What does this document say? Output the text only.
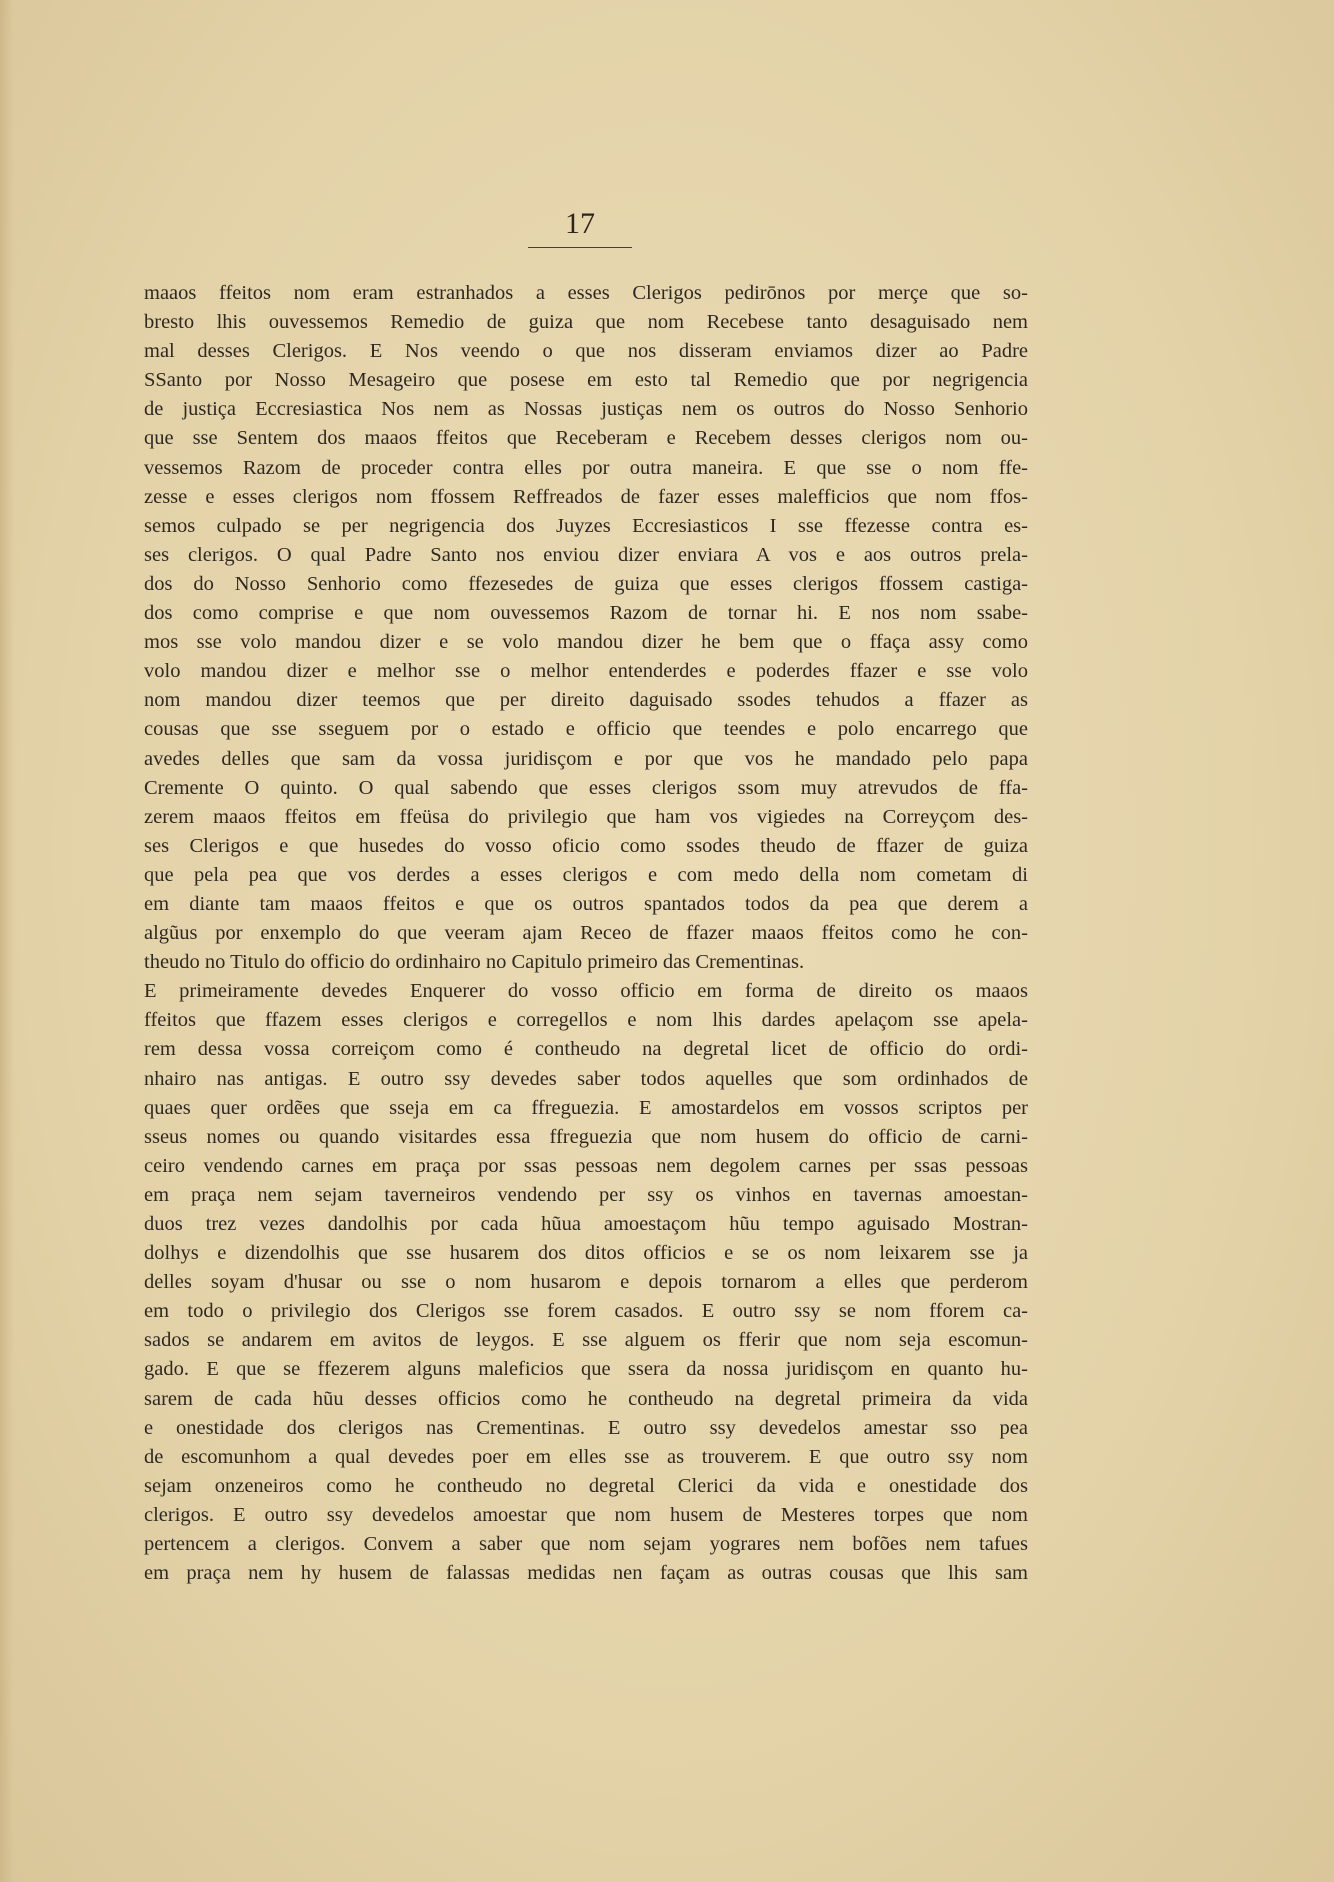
17
maaos ffeitos nom eram estranhados a esses Clerigos pedirōnos por merçe que so-
bresto lhis ouvessemos Remedio de guiza que nom Recebese tanto desaguisado nem
mal desses Clerigos. E Nos veendo o que nos disseram enviamos dizer ao Padre
SSanto por Nosso Mesageiro que posese em esto tal Remedio que por negrigencia
de justiça Eccresiastica Nos nem as Nossas justiças nem os outros do Nosso Senhorio
que sse Sentem dos maaos ffeitos que Receberam e Recebem desses clerigos nom ou-
vessemos Razom de proceder contra elles por outra maneira. E que sse o nom ffe-
zesse e esses clerigos nom ffossem Reffreados de fazer esses malefficios que nom ffos-
semos culpado se per negrigencia dos Juyzes Eccresiasticos I sse ffezesse contra es-
ses clerigos. O qual Padre Santo nos enviou dizer enviara A vos e aos outros prela-
dos do Nosso Senhorio como ffezesedes de guiza que esses clerigos ffossem castiga-
dos como comprise e que nom ouvessemos Razom de tornar hi. E nos nom ssabe-
mos sse volo mandou dizer e se volo mandou dizer he bem que o ffaça assy como
volo mandou dizer e melhor sse o melhor entenderdes e poderdes ffazer e sse volo
nom mandou dizer teemos que per direito daguisado ssodes tehudos a ffazer as
cousas que sse sseguem por o estado e officio que teendes e polo encarrego que
avedes delles que sam da vossa juridisçom e por que vos he mandado pelo papa
Cremente O quinto. O qual sabendo que esses clerigos ssom muy atrevudos de ffa-
zerem maaos ffeitos em ffeüsa do privilegio que ham vos vigiedes na Correyçom des-
ses Clerigos e que husedes do vosso oficio como ssodes theudo de ffazer de guiza
que pela pea que vos derdes a esses clerigos e com medo della nom cometam di
em diante tam maaos ffeitos e que os outros spantados todos da pea que derem a
algũus por enxemplo do que veeram ajam Receo de ffazer maaos ffeitos como he con-
theudo no Titulo do officio do ordinhairo no Capitulo primeiro das Crementinas.
E primeiramente devedes Enquerer do vosso officio em forma de direito os maaos
ffeitos que ffazem esses clerigos e corregellos e nom lhis dardes apelaçom sse apela-
rem dessa vossa correiçom como é contheudo na degretal licet de officio do ordi-
nhairo nas antigas. E outro ssy devedes saber todos aquelles que som ordinhados de
quaes quer ordẽes que sseja em ca ffreguezia. E amostardelos em vossos scriptos per
sseus nomes ou quando visitardes essa ffreguezia que nom husem do officio de carni-
ceiro vendendo carnes em praça por ssas pessoas nem degolem carnes per ssas pessoas
em praça nem sejam taverneiros vendendo per ssy os vinhos en tavernas amoestan-
duos trez vezes dandolhis por cada hũua amoestaçom hũu tempo aguisado Mostran-
dolhys e dizendolhis que sse husarem dos ditos officios e se os nom leixarem sse ja
delles soyam d'husar ou sse o nom husarom e depois tornarom a elles que perderom
em todo o privilegio dos Clerigos sse forem casados. E outro ssy se nom fforem ca-
sados se andarem em avitos de leygos. E sse alguem os fferir que nom seja escomun-
gado. E que se ffezerem alguns maleficios que ssera da nossa juridisçom en quanto hu-
sarem de cada hũu desses officios como he contheudo na degretal primeira da vida
e onestidade dos clerigos nas Crementinas. E outro ssy devedelos amestar sso pea
de escomunhom a qual devedes poer em elles sse as trouverem. E que outro ssy nom
sejam onzeneiros como he contheudo no degretal Clerici da vida e onestidade dos
clerigos. E outro ssy devedelos amoestar que nom husem de Mesteres torpes que nom
pertencem a clerigos. Convem a saber que nom sejam yograres nem bofões nem tafues
em praça nem hy husem de falassas medidas nen façam as outras cousas que lhis sam
